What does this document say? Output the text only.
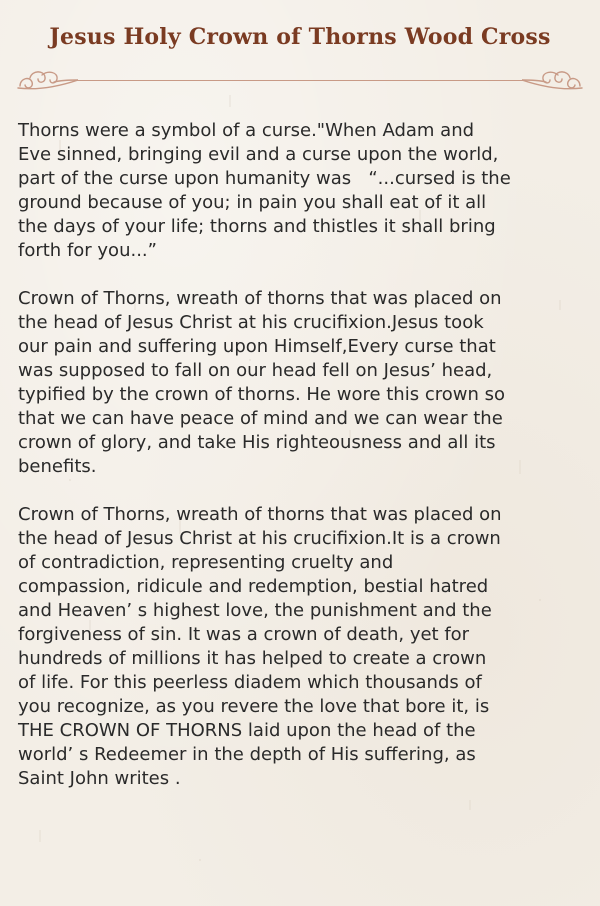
Jesus Holy Crown of Thorns Wood Cross

Thorns were a symbol of a curse."When Adam and
Eve sinned, bringing evil and a curse upon the world,
part of the curse upon humanity was   “...cursed is the
ground because of you; in pain you shall eat of it all
the days of your life; thorns and thistles it shall bring
forth for you...”

Crown of Thorns, wreath of thorns that was placed on
the head of Jesus Christ at his crucifixion.Jesus took
our pain and suffering upon Himself,Every curse that
was supposed to fall on our head fell on Jesus’ head,
typified by the crown of thorns. He wore this crown so
that we can have peace of mind and we can wear the
crown of glory, and take His righteousness and all its
benefits.

Crown of Thorns, wreath of thorns that was placed on
the head of Jesus Christ at his crucifixion.It is a crown
of contradiction, representing cruelty and
compassion, ridicule and redemption, bestial hatred
and Heaven’ s highest love, the punishment and the
forgiveness of sin. It was a crown of death, yet for
hundreds of millions it has helped to create a crown
of life. For this peerless diadem which thousands of
you recognize, as you revere the love that bore it, is
THE CROWN OF THORNS laid upon the head of the
world’ s Redeemer in the depth of His suffering, as
Saint John writes .
